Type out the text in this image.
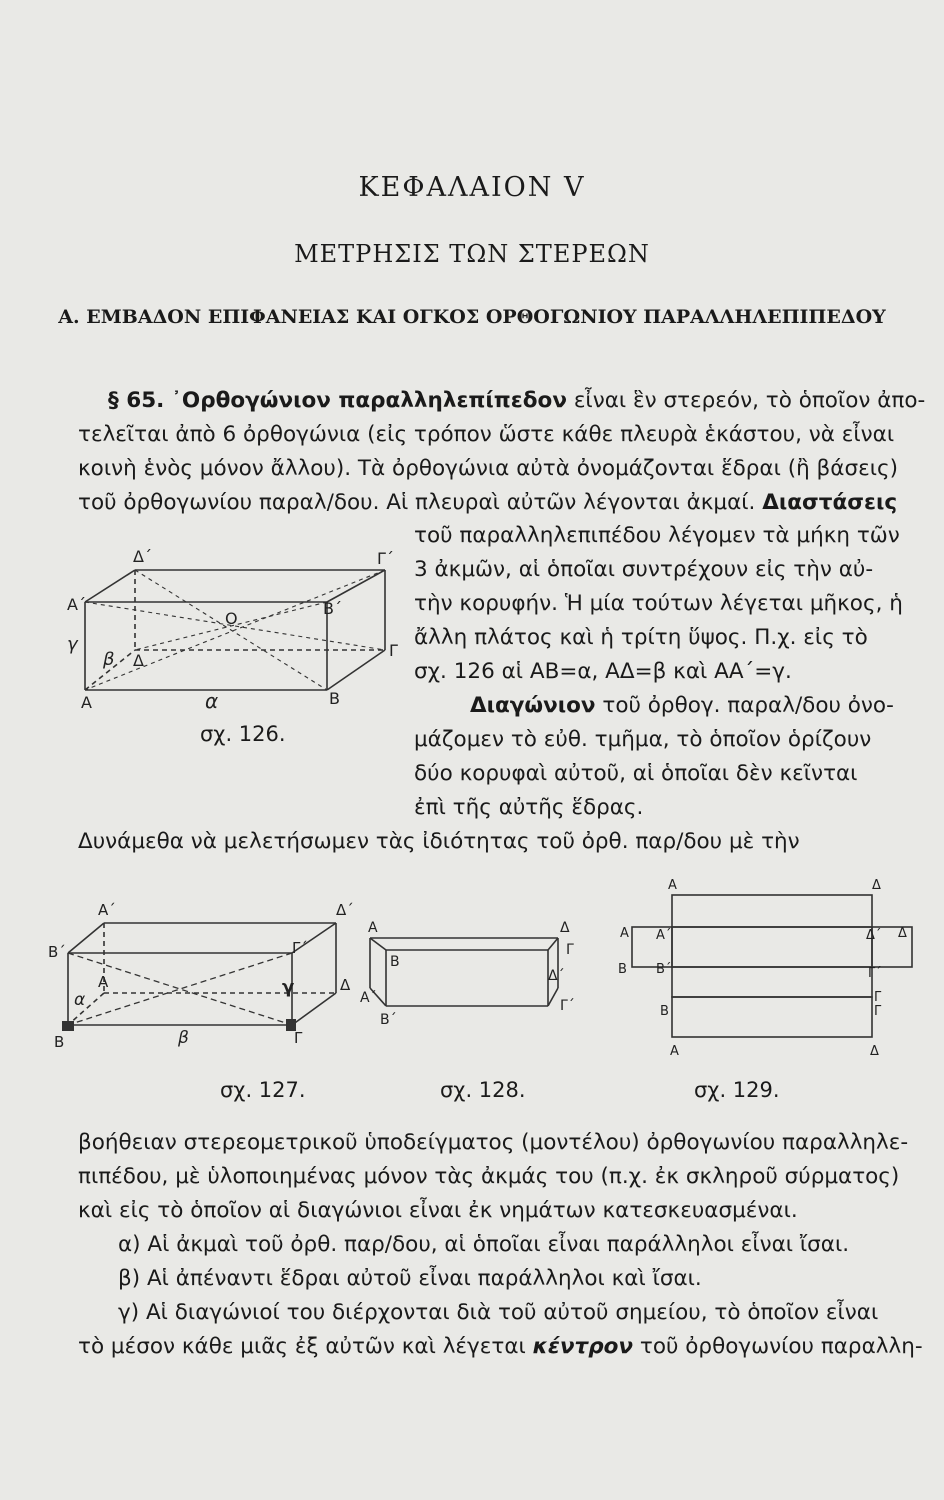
ΚΕΦΑΛΑΙΟΝ V
ΜΕΤΡΗΣΙΣ ΤΩΝ ΣΤΕΡΕΩΝ
Α. ΕΜΒΑΔΟΝ ΕΠΙΦΑΝΕΙΑΣ ΚΑΙ ΟΓΚΟΣ ΟΡΘΟΓΩΝΙΟΥ ΠΑΡΑΛΛΗΛΕΠΙΠΕΔΟΥ
§ 65. ᾿Ορθογώνιον παραλληλεπίπεδον εἶναι ἓν στερεόν, τὸ ὁποῖον ἀπο-
τελεῖται ἀπὸ 6 ὀρθογώνια (εἰς τρόπον ὥστε κάθε πλευρὰ ἑκάστου, νὰ εἶναι
κοινὴ ἑνὸς μόνον ἄλλου). Τὰ ὀρθογώνια αὐτὰ ὀνομάζονται ἕδραι (ἢ βάσεις)
τοῦ ὀρθογωνίου παραλ/δου. Αἱ πλευραὶ αὐτῶν λέγονται ἀκμαί. Διαστάσεις
τοῦ παραλληλεπιπέδου λέγομεν τὰ μήκη τῶν
3 ἀκμῶν, αἱ ὁποῖαι συντρέχουν εἰς τὴν αὐ-
τὴν κορυφήν. Ἡ μία τούτων λέγεται μῆκος, ἡ
ἄλλη πλάτος καὶ ἡ τρίτη ὕψος. Π.χ. εἰς τὸ
σχ. 126 αἱ ΑΒ=α, ΑΔ=β καὶ ΑΑ΄=γ.
Διαγώνιον τοῦ ὀρθογ. παραλ/δου ὀνο-
μάζομεν τὸ εὐθ. τμῆμα, τὸ ὁποῖον ὁρίζουν
δύο κορυφαὶ αὐτοῦ, αἱ ὁποῖαι δὲν κεῖνται
ἐπὶ τῆς αὐτῆς ἕδρας.
Δυνάμεθα νὰ μελετήσωμεν τὰς ἰδιότητας τοῦ ὀρθ. παρ/δου μὲ τὴν
Δ΄	Γ΄
Α΄	Β΄
Ο
γ
β Δ
Γ
Α	α	Β
σχ. 126.
Α΄	Δ΄
Β΄	Γ΄
γ
α
Α	Δ
Β	β	Γ
σχ. 127.
Α	Δ
Β
Γ
Δ΄
Α΄	Γ΄
Β΄
σχ. 128.
Α	Δ
Α Α΄	Δ΄ Δ
Β Β΄	Γ΄
Γ
Β
Γ
Α	Δ
σχ. 129.
βοήθειαν στερεομετρικοῦ ὑποδείγματος (μοντέλου) ὀρθογωνίου παραλληλε-
πιπέδου, μὲ ὑλοποιημένας μόνον τὰς ἀκμάς του (π.χ. ἐκ σκληροῦ σύρματος)
καὶ εἰς τὸ ὁποῖον αἱ διαγώνιοι εἶναι ἐκ νημάτων κατεσκευασμέναι.
α) Αἱ ἀκμαὶ τοῦ ὀρθ. παρ/δου, αἱ ὁποῖαι εἶναι παράλληλοι εἶναι ἴσαι.
β) Αἱ ἀπέναντι ἕδραι αὐτοῦ εἶναι παράλληλοι καὶ ἴσαι.
γ) Αἱ διαγώνιοί του διέρχονται διὰ τοῦ αὐτοῦ σημείου, τὸ ὁποῖον εἶναι
τὸ μέσον κάθε μιᾶς ἐξ αὐτῶν καὶ λέγεται κέντρον τοῦ ὀρθογωνίου παραλλη-
